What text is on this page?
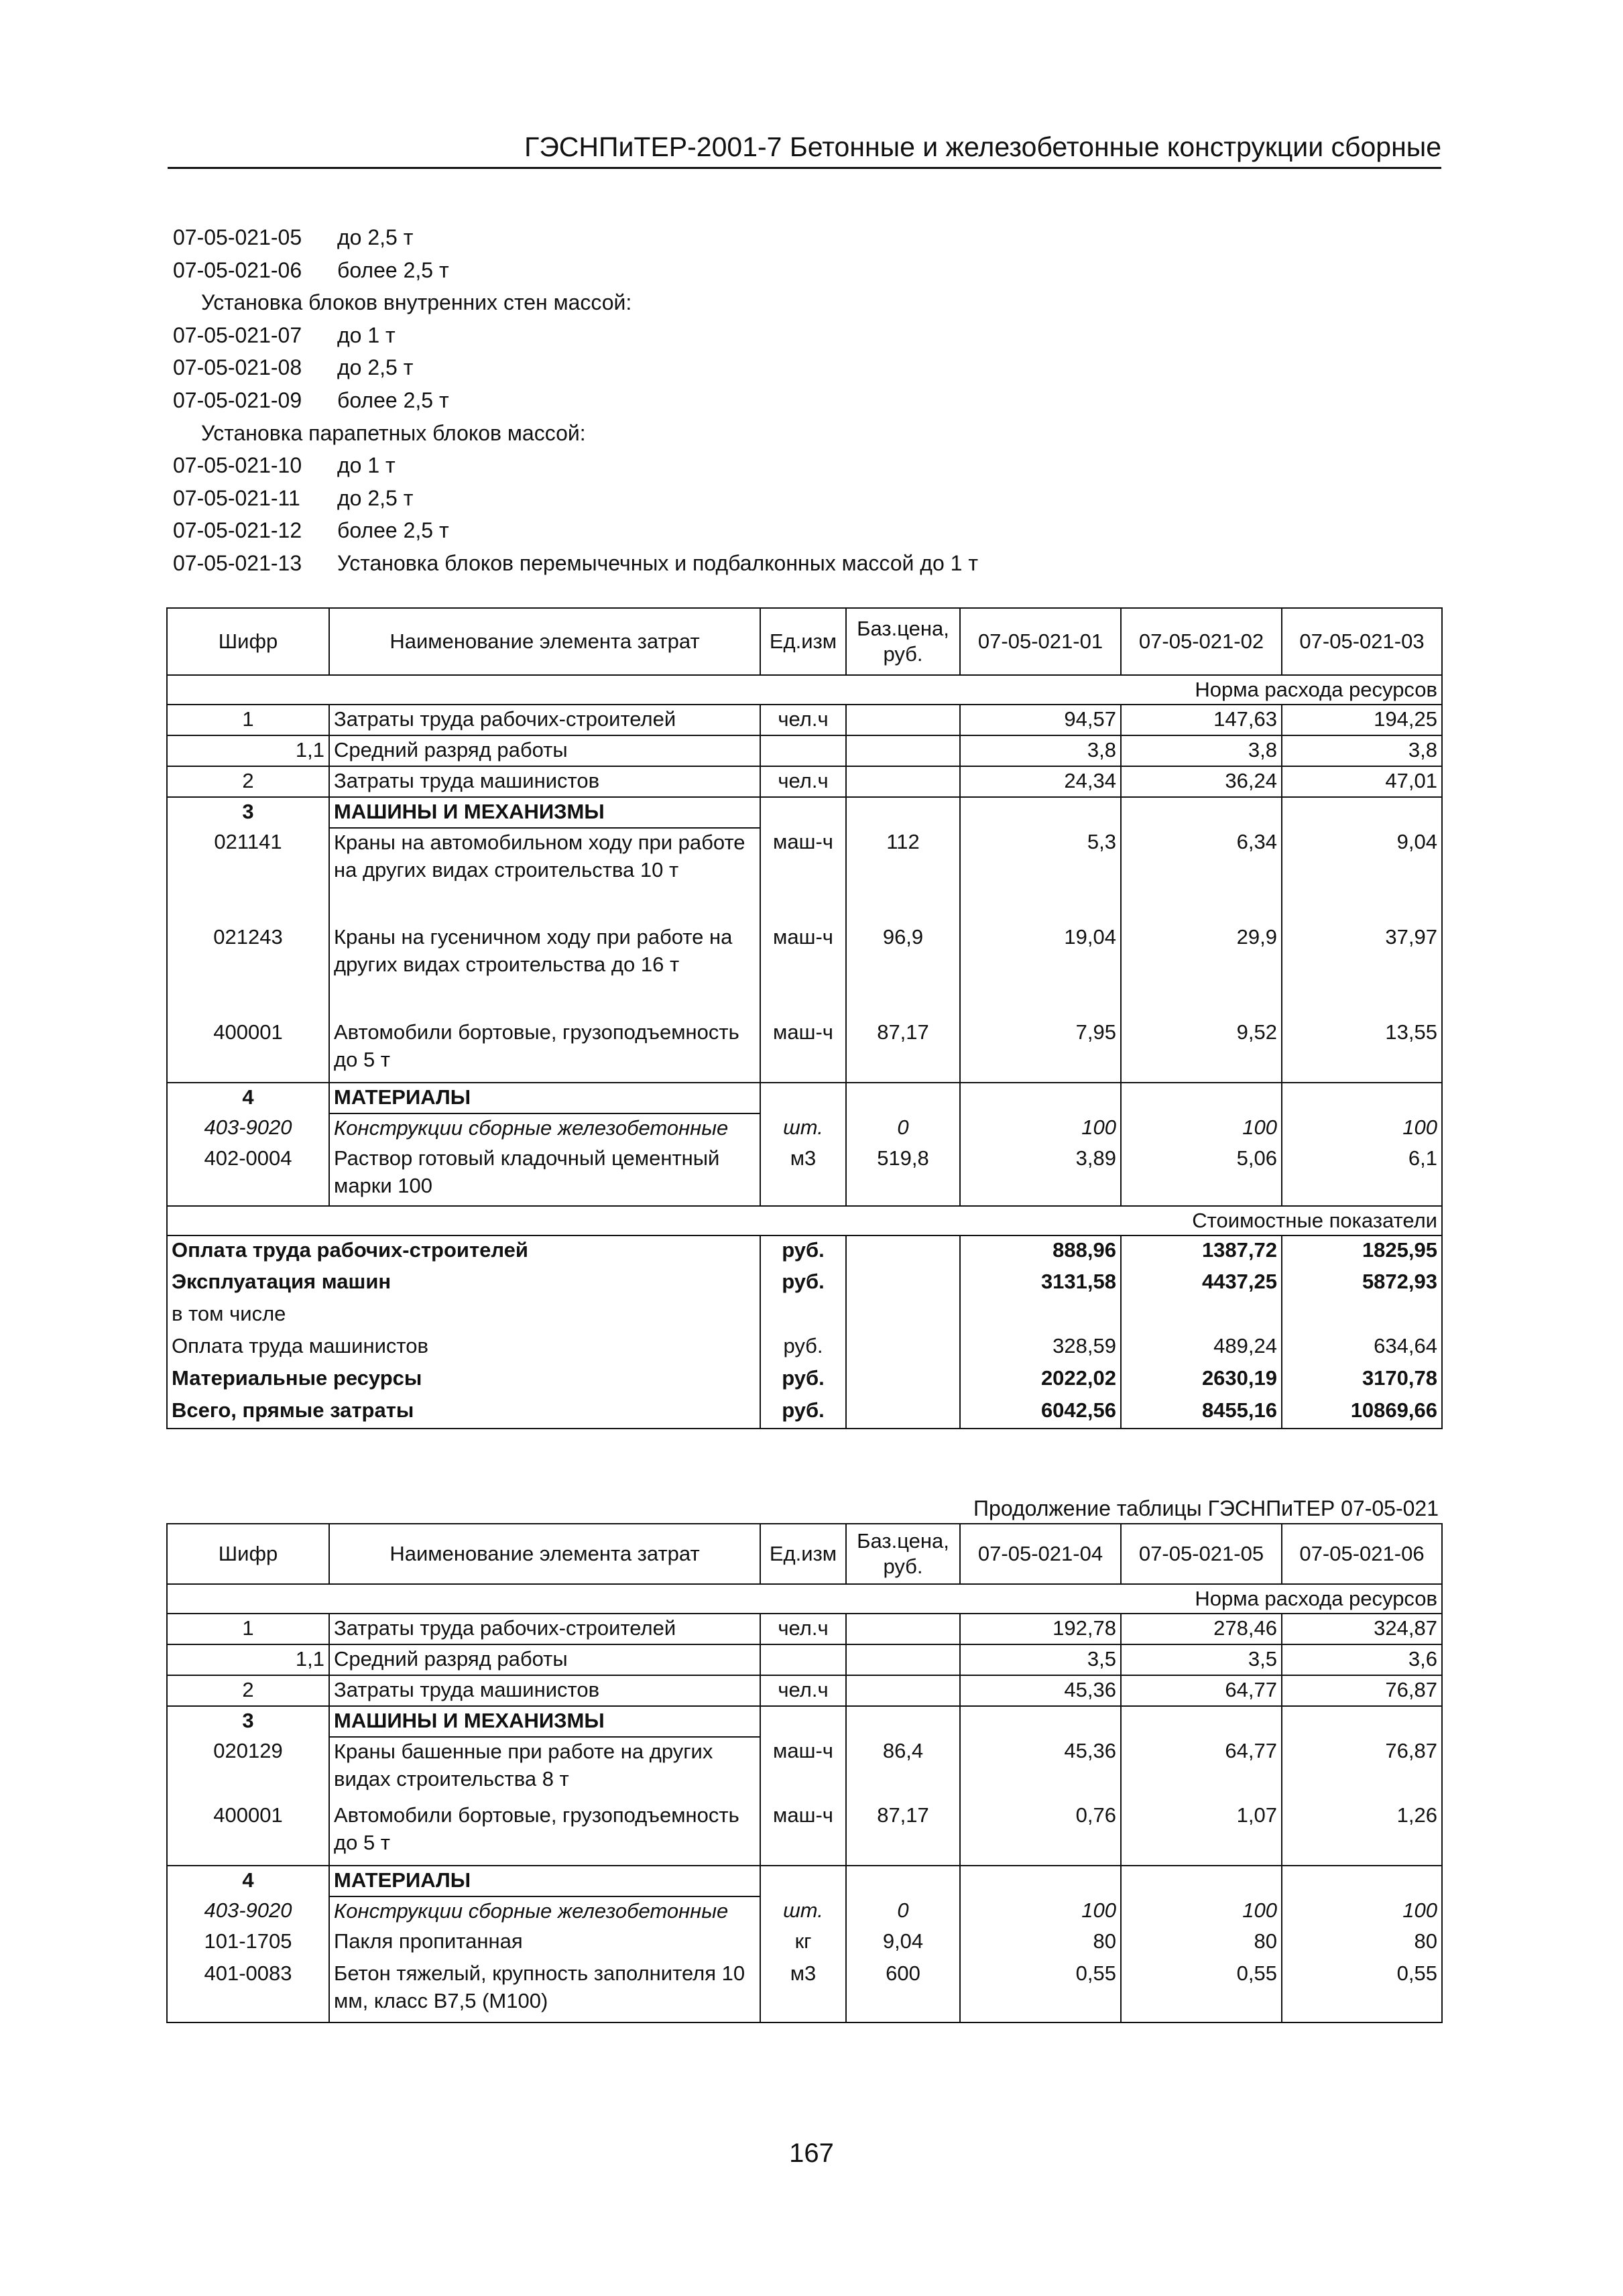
ГЭСНПиТЕР-2001-7 Бетонные и железобетонные конструкции сборные
07-05-021-05 до 2,5 т
07-05-021-06 более 2,5 т
Установка блоков внутренних стен массой:
07-05-021-07 до 1 т
07-05-021-08 до 2,5 т
07-05-021-09 более 2,5 т
Установка парапетных блоков массой:
07-05-021-10 до 1 т
07-05-021-11 до 2,5 т
07-05-021-12 более 2,5 т
07-05-021-13 Установка блоков перемычечных и подбалконных массой до 1 т
Шифр	Наименование элемента затрат	Ед.изм	Баз.цена, руб.	07-05-021-01	07-05-021-02	07-05-021-03
Норма расхода ресурсов						
1	Затраты труда рабочих-строителей	чел.ч		94,57	147,63	194,25
1,1	Средний разряд работы			3,8	3,8	3,8
2	Затраты труда машинистов	чел.ч		24,34	36,24	47,01
3	МАШИНЫ И МЕХАНИЗМЫ					
021141	Краны на автомобильном ходу при работе на других видах строительства 10 т	маш-ч	112	5,3	6,34	9,04
021243	Краны на гусеничном ходу при работе на других видах строительства до 16 т	маш-ч	96,9	19,04	29,9	37,97
400001	Автомобили бортовые, грузоподъемность до 5 т	маш-ч	87,17	7,95	9,52	13,55
4	МАТЕРИАЛЫ					
403-9020	Конструкции сборные железобетонные	шт.	0	100	100	100
402-0004	Раствор готовый кладочный цементный марки 100	м3	519,8	3,89	5,06	6,1
Стоимостные показатели						
Оплата труда рабочих-строителей		руб.		888,96	1387,72	1825,95
Эксплуатация машин		руб.		3131,58	4437,25	5872,93
в том числе						
Оплата труда машинистов		руб.		328,59	489,24	634,64
Материальные ресурсы		руб.		2022,02	2630,19	3170,78
Всего, прямые затраты		руб.		6042,56	8455,16	10869,66
Продолжение таблицы ГЭСНПиТЕР 07-05-021
Шифр	Наименование элемента затрат	Ед.изм	Баз.цена, руб.	07-05-021-04	07-05-021-05	07-05-021-06
Норма расхода ресурсов						
1	Затраты труда рабочих-строителей	чел.ч		192,78	278,46	324,87
1,1	Средний разряд работы			3,5	3,5	3,6
2	Затраты труда машинистов	чел.ч		45,36	64,77	76,87
3	МАШИНЫ И МЕХАНИЗМЫ					
020129	Краны башенные при работе на других видах строительства 8 т	маш-ч	86,4	45,36	64,77	76,87
400001	Автомобили бортовые, грузоподъемность до 5 т	маш-ч	87,17	0,76	1,07	1,26
4	МАТЕРИАЛЫ					
403-9020	Конструкции сборные железобетонные	шт.	0	100	100	100
101-1705	Пакля пропитанная	кг	9,04	80	80	80
401-0083	Бетон тяжелый, крупность заполнителя 10 мм, класс В7,5 (М100)	м3	600	0,55	0,55	0,55
167
